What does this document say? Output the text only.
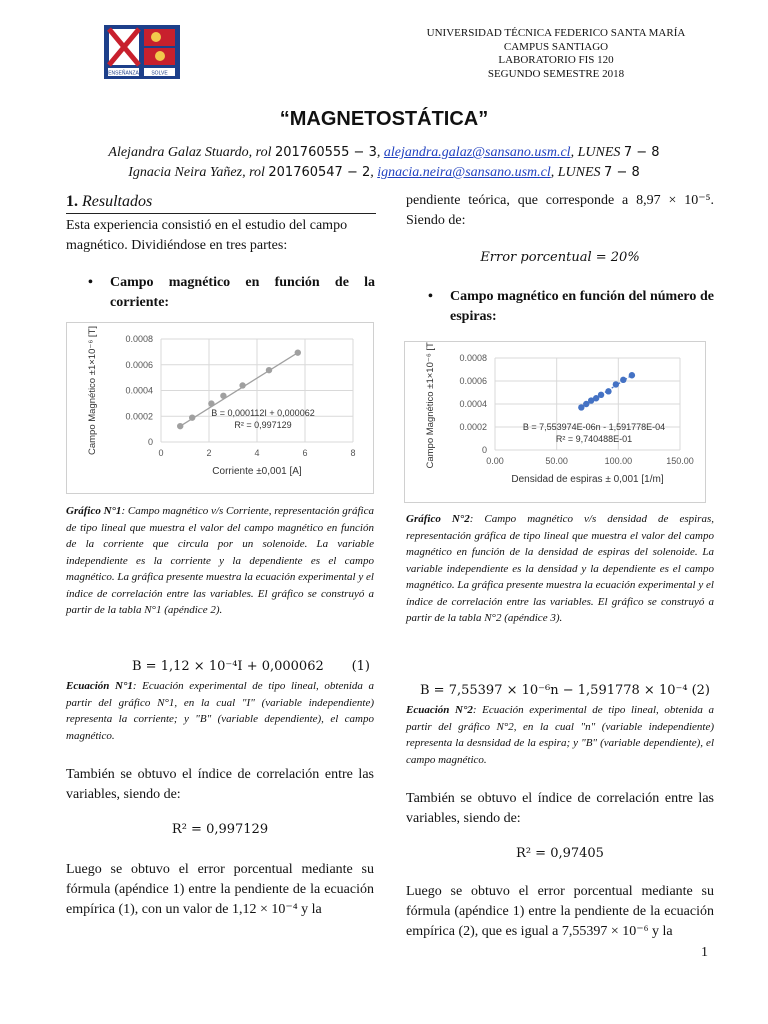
ENSEÑANZA	SOLVE
UNIVERSIDAD TÉCNICA FEDERICO SANTA MARÍA
CAMPUS SANTIAGO
LABORATORIO FIS 120
SEGUNDO SEMESTRE 2018
“MAGNETOSTÁTICA”
Alejandra Galaz Stuardo, rol 201760555 − 3, alejandra.galaz@sansano.usm.cl, LUNES 7 − 8
Ignacia Neira Yañez, rol 201760547 − 2, ignacia.neira@sansano.usm.cl, LUNES 7 − 8
1. Resultados

Esta experiencia consistió en el estudio del campo magnético. Dividiéndose en tres partes:

• Campo magnético en función de la corriente:

0
0.0002
0.0004
0.0006
0.0008
0	2	4	6	8
B = 0,000112I + 0,000062
R² = 0,997129
Corriente ±0,001 [A]
Campo Magnético ±1×10⁻⁶ [T]
Gráfico N°1: Campo magnético v/s Corriente, representación gráfica de tipo lineal que muestra el valor del campo magnético en función de la corriente que circula por un solenoide. La variable independiente es la corriente y la dependiente es el campo magnético. La gráfica presente muestra la ecuación experimental y el índice de correlación entre las variables. El gráfico se construyó a partir de la tabla N°1 (apéndice 2).
B = 1,12 × 10⁻⁴I + 0,000062 (1)
Ecuación N°1: Ecuación experimental de tipo lineal, obtenida a partir del gráfico N°1, en la cual "I" (variable independiente) representa la corriente; y "B" (variable dependiente), el campo magnético.

También se obtuvo el índice de correlación entre las variables, siendo de:

R² = 0,997129

Luego se obtuvo el error porcentual mediante su fórmula (apéndice 1) entre la pendiente de la ecuación empírica (1), con un valor de 1,12 × 10⁻⁴ y la

pendiente teórica, que corresponde a 8,97 × 10⁻⁵. Siendo de:

Error porcentual = 20%
• Campo magnético en función del número de espiras:

0
0.0002
0.0004
0.0006
0.0008
0.00	50.00	100.00	150.00
B = 7,553974E-06n - 1,591778E-04
R² = 9,740488E-01
Densidad de espiras ± 0,001 [1/m]
Campo Magnético ±1×10⁻⁶ [T]
Gráfico N°2: Campo magnético v/s densidad de espiras, representación gráfica de tipo lineal que muestra el valor del campo magnético en función de la densidad de espiras del solenoide. La variable independiente es la densidad y la dependiente es el campo magnético. La gráfica presente muestra la ecuación experimental y el índice de correlación entre las variables. El gráfico se construyó a partir de la tabla N°2 (apéndice 3).
B = 7,55397 × 10⁻⁶n − 1,591778 × 10⁻⁴ (2)
Ecuación N°2: Ecuación experimental de tipo lineal, obtenida a partir del gráfico N°2, en la cual "n" (variable independiente) representa la desnsidad de la espira; y "B" (variable dependiente), el campo magnético.

También se obtuvo el índice de correlación entre las variables, siendo de:

R² = 0,97405

Luego se obtuvo el error porcentual mediante su fórmula (apéndice 1) entre la pendiente de la ecuación empírica (2), que es igual a 7,55397 × 10⁻⁶ y la

1
